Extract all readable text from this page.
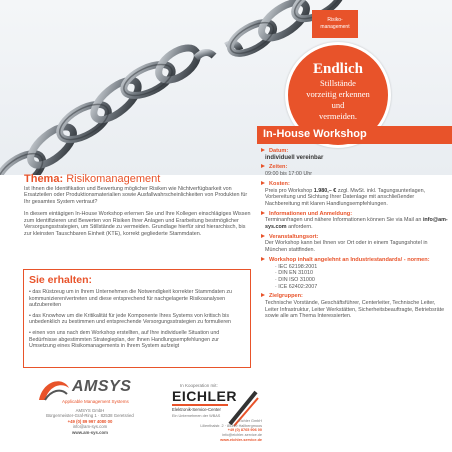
Risiko-
management
Endlich
Stillstände
vorzeitig erkennen
und
vermeiden.
In-House Workshop
Datum:
individuell vereinbar
Zeiten:
09:00 bis 17:00 Uhr
Kosten:
Preis pro Workshop 1.980,– € zzgl. MwSt. inkl. Tagungsunterlagen, Vorbereitung und Sichtung Ihrer Datenlage mit anschließender Nachbereitung mit klaren Handlungsempfehlungen.
Informationen und Anmeldung:
Terminanfragen und nähere Informationen können Sie via Mail an info@am-sys.com anfordern.
Veranstaltungsort:
Der Workshop kann bei Ihnen vor Ort oder in einem Tagungshotel in München stattfinden.
Workshop inhalt angelehnt an Industriestandards/ - normen:
· IEC 62198:2001
· DIN EN 31010
· DIN ISO 31000
· ICE 62402:2007
Zielgruppen:
Technische Vorstände, Geschäftsführer, Centerleiter, Technische Leiter, Leiter Infrastruktur, Leiter Werkstätten, Sicherheitsbeauftragte, Betriebsräte sowie alle am Thema Interessierten.
Thema: Risikomanagement

Ist Ihnen die Identifikation und Bewertung möglicher Risiken wie Nichtverfügbarkeit von Ersatzteilen oder Produktionsmaterialien sowie Ausfallwahrscheinlichkeiten von Produkten für Ihr gesamtes System vertraut?

In diesem eintägigen In-House Workshop erlernen Sie und Ihre Kollegen einschlägiges Wissen zum Identifizieren und Bewerten von Risiken Ihrer Anlagen und Erarbeitung bestmöglicher Versorgungsstrategien, um Stillstände zu vermeiden. Grundlage hierfür sind hierarchisch, bis zur kleinsten Tauschbaren Einheit (KTE), korrekt gegliederte Stammdaten.

Sie erhalten:
• das Rüstzeug um in Ihrem Unternehmen die Notwendigkeit korrekter Stammdaten zu kommunizieren/vertreten und diese entsprechend für nachgelagerte Risikoanalysen aufzubereiten
• das Knowhow um die Kritikalität für jede Komponente Ihres Systems von kritisch bis unbedenklich zu bestimmen und entsprechende Versorgungsstrategien zu formulieren
• einen von uns nach dem Workshop erstellten, auf Ihre individuelle Situation und Bedürfnisse abgestimmten Strategieplan, der Ihnen Handlungsempfehlungen zur Umsetzung eines Risikomanagements in Ihrem System aufzeigt
AMSYS
Applicable Management Systems
AMSYS GmbH
Bürgermeister-Graf-Ring 1 · 82538 Geretsried
+49 (0) 89 997 4080 00
info@am-sys.com
www.am-sys.com
In Kooperation mit:
EICHLER
Elektronik-Service-Center
Ein Unternehmen der WBAS
Eichler GmbH
Lilienthalstr. 2 · 85399 Hallbergmoos
+49 (0) 8765 906 00
info@eichler-service.de
www.eichler-service.de
